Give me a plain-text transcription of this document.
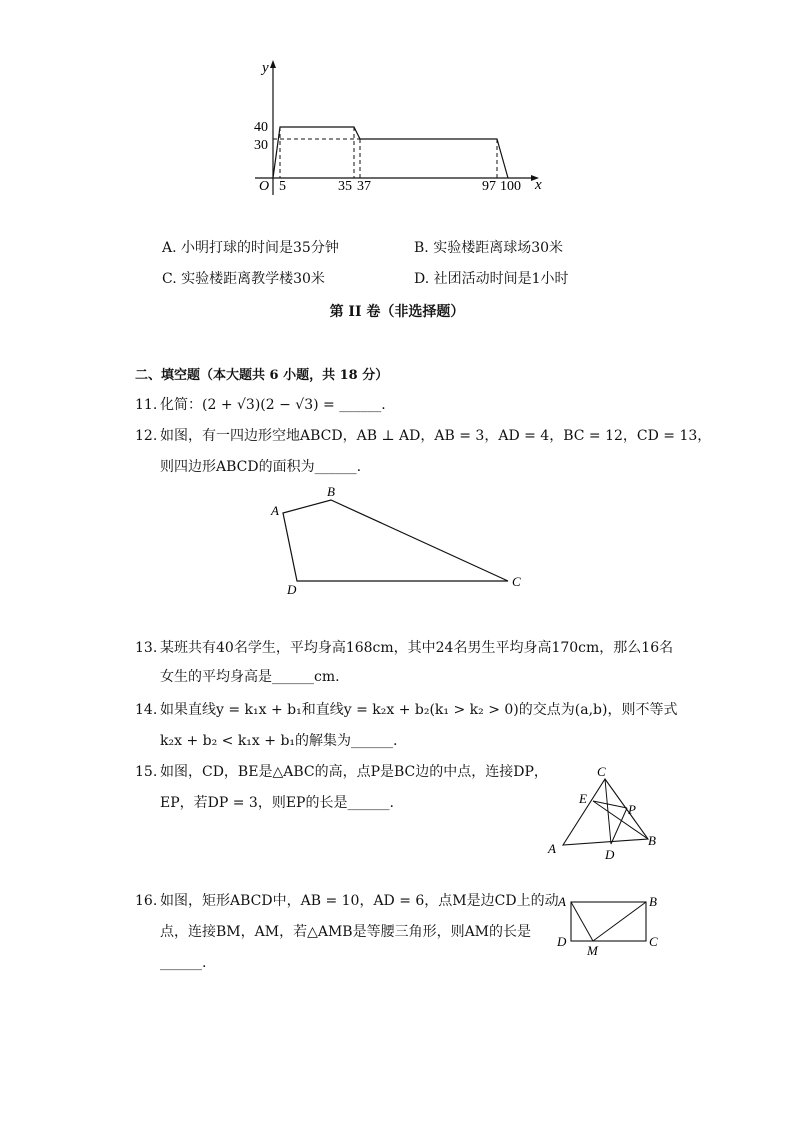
y
x
O
40
30
5	35 37	97 100
A. 小明打球的时间是35分钟	B. 实验楼距离球场30米
C. 实验楼距离教学楼30米	D. 社团活动时间是1小时
第 II 卷（非选择题）
二、填空题（本大题共 6 小题，共 18 分）
11. 化简：(2 + √3)(2 − √3) = ______.
12. 如图，有一四边形空地ABCD，AB ⊥ AD，AB = 3，AD = 4，BC = 12，CD = 13，
则四边形ABCD的面积为______.
A
B
C
D
13. 某班共有40名学生，平均身高168cm，其中24名男生平均身高170cm，那么16名
女生的平均身高是______cm.
14. 如果直线y = k₁x + b₁和直线y = k₂x + b₂(k₁ > k₂ > 0)的交点为(a,b)，则不等式
k₂x + b₂ < k₁x + b₁的解集为______.
15. 如图，CD，BE是△ABC的高，点P是BC边的中点，连接DP，
EP，若DP = 3，则EP的长是______.
A
B
C
D
E
P
16. 如图，矩形ABCD中，AB = 10，AD = 6，点M是边CD上的动
点，连接BM，AM，若△AMB是等腰三角形，则AM的长是
______.
A	B
C
D
M
